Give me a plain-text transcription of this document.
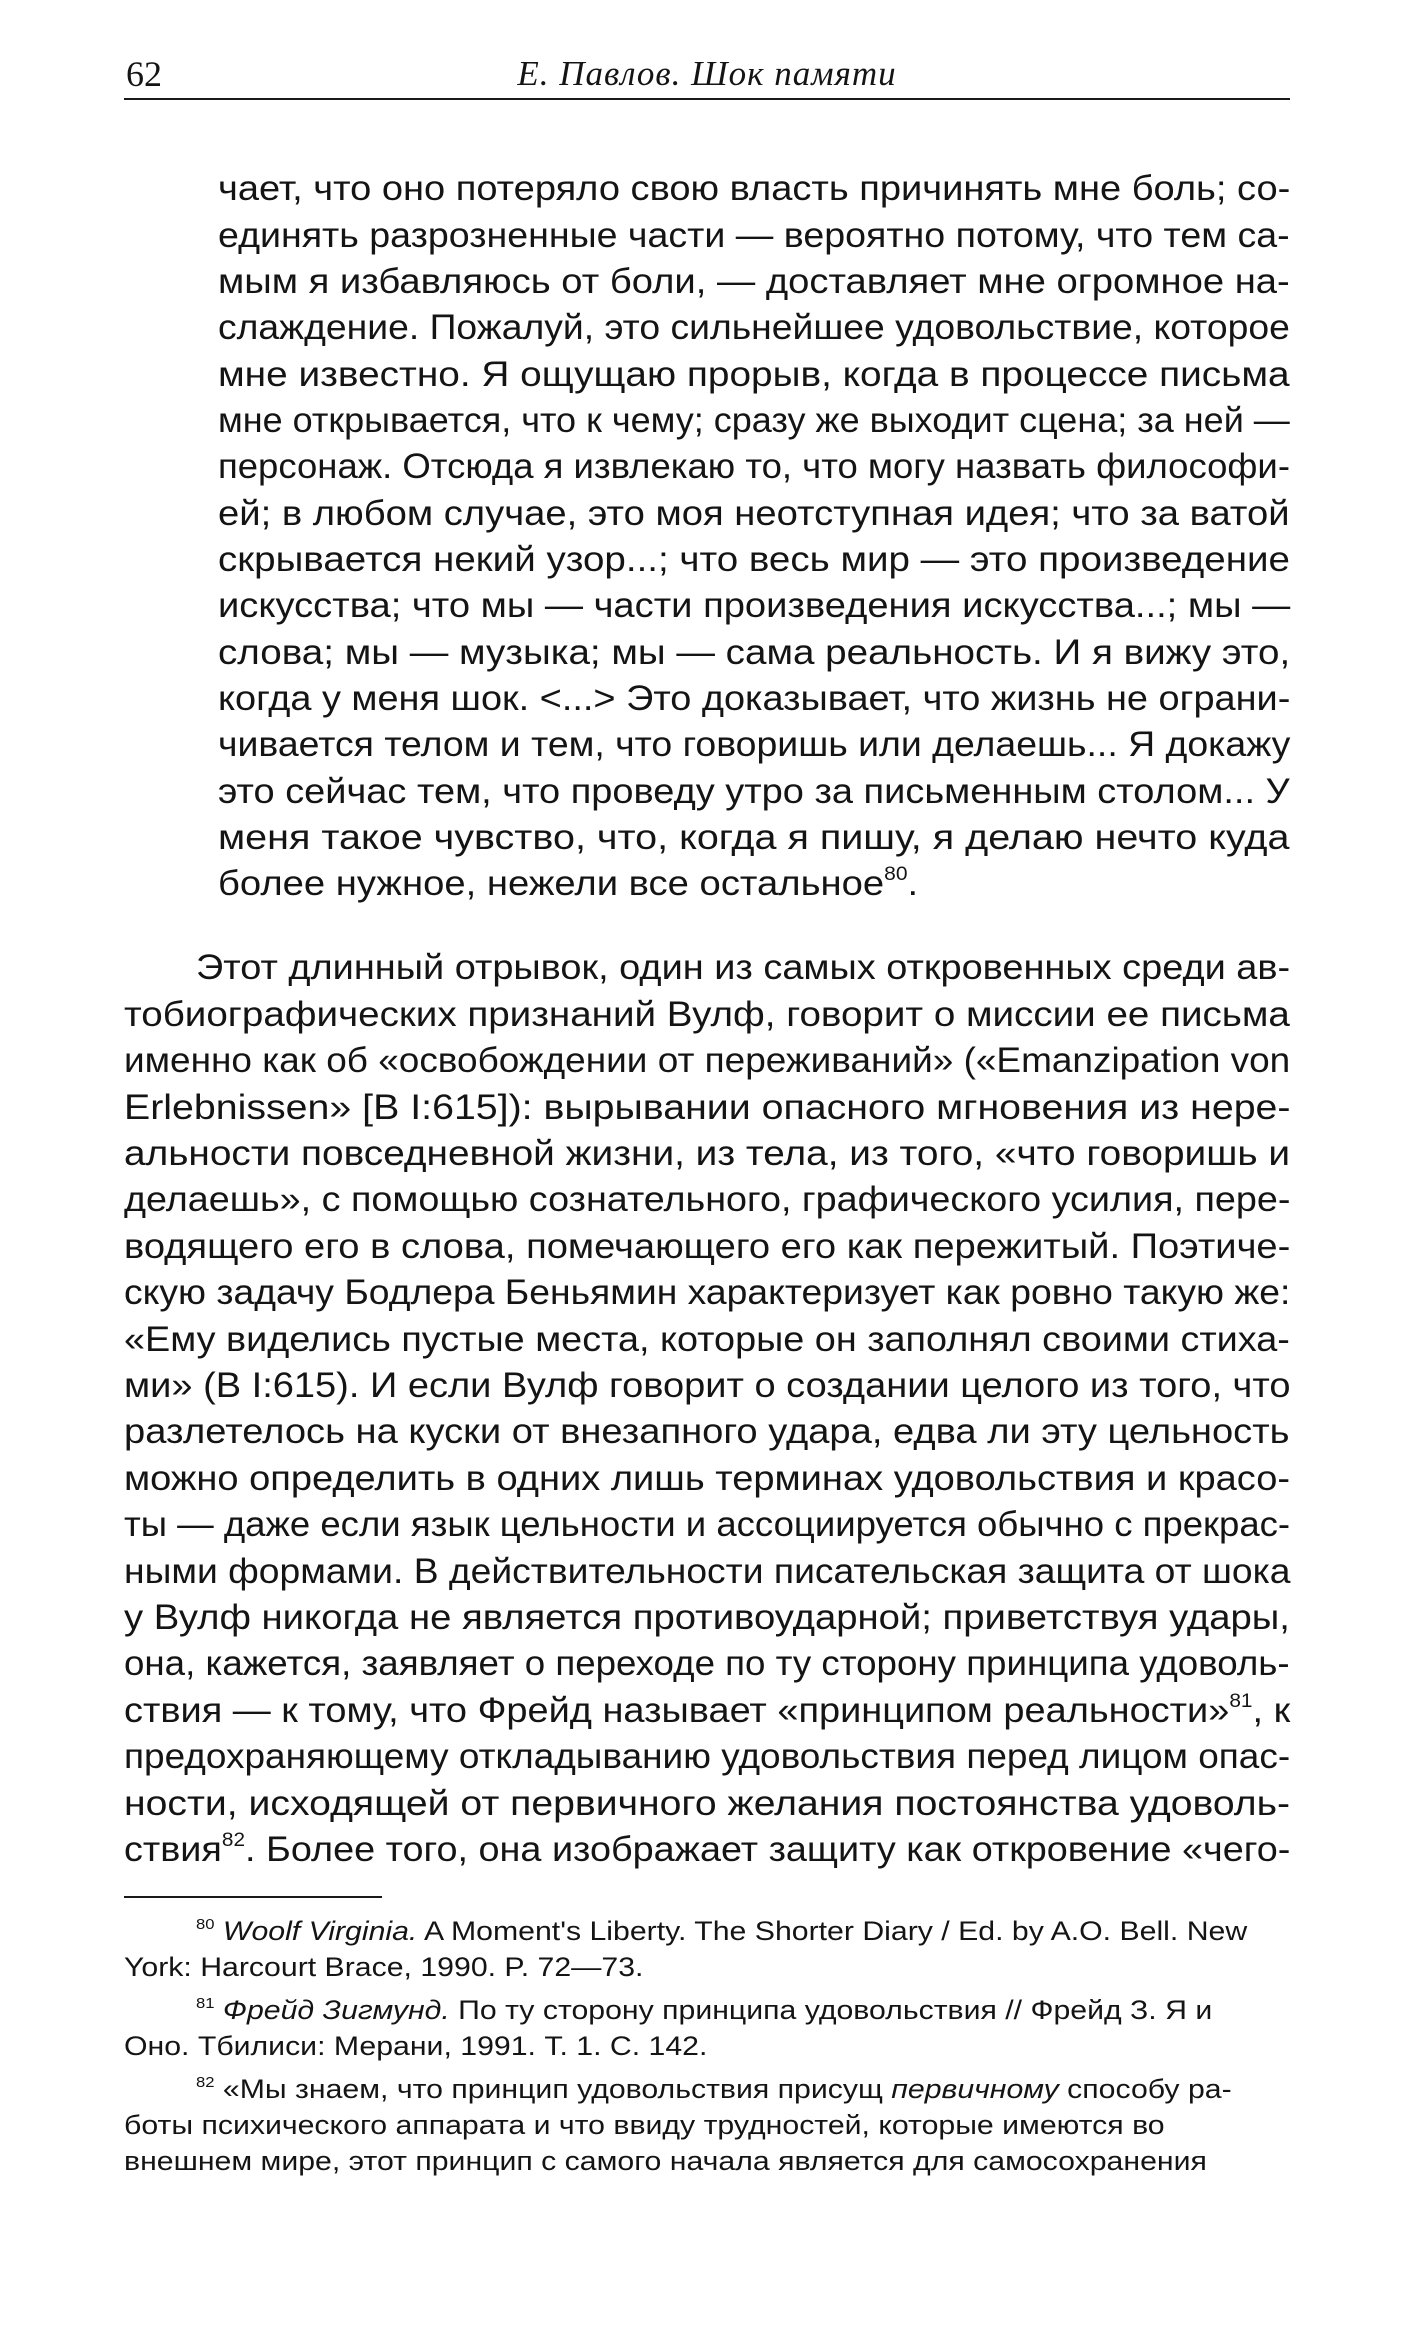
62	Е. Павлов. Шок памяти
чает, что оно потеряло свою власть причинять мне боль; со-
единять разрозненные части — вероятно потому, что тем са-
мым я избавляюсь от боли, — доставляет мне огромное на-
слаждение. Пожалуй, это сильнейшее удовольствие, которое
мне известно. Я ощущаю прорыв, когда в процессе письма
мне открывается, что к чему; сразу же выходит сцена; за ней —
персонаж. Отсюда я извлекаю то, что могу назвать философи-
ей; в любом случае, это моя неотступная идея; что за ватой
скрывается некий узор...; что весь мир — это произведение
искусства; что мы — части произведения искусства...; мы —
слова; мы — музыка; мы — сама реальность. И я вижу это,
когда у меня шок. <...> Это доказывает, что жизнь не ограни-
чивается телом и тем, что говоришь или делаешь... Я докажу
это сейчас тем, что проведу утро за письменным столом... У
меня такое чувство, что, когда я пишу, я делаю нечто куда
более нужное, нежели все остальное$^{80}$.
Этот длинный отрывок, один из самых откровенных среди ав-
тобиографических признаний Вулф, говорит о миссии ее письма
именно как об «освобождении от переживаний» («Emanzipation von
Erlebnissen» [В I:615]): вырывании опасного мгновения из нере-
альности повседневной жизни, из тела, из того, «что говоришь и
делаешь», с помощью сознательного, графического усилия, пере-
водящего его в слова, помечающего его как пережитый. Поэтиче-
скую задачу Бодлера Беньямин характеризует как ровно такую же:
«Ему виделись пустые места, которые он заполнял своими стиха-
ми» (В I:615). И если Вулф говорит о создании целого из того, что
разлетелось на куски от внезапного удара, едва ли эту цельность
можно определить в одних лишь терминах удовольствия и красо-
ты — даже если язык цельности и ассоциируется обычно с прекрас-
ными формами. В действительности писательская защита от шока
у Вулф никогда не является противоударной; приветствуя удары,
она, кажется, заявляет о переходе по ту сторону принципа удоволь-
ствия — к тому, что Фрейд называет «принципом реальности»$^{81}$, к
предохраняющему откладыванию удовольствия перед лицом опас-
ности, исходящей от первичного желания постоянства удоволь-
ствия$^{82}$. Более того, она изображает защиту как откровение «чего-
$^{80}$ Woolf Virginia. A Moment's Liberty. The Shorter Diary / Ed. by A.O. Bell. New
York: Harcourt Brace, 1990. P. 72—73.
$^{81}$ Фрейд Зигмунд. По ту сторону принципа удовольствия // Фрейд З. Я и
Оно. Тбилиси: Мерани, 1991. Т. 1. С. 142.
$^{82}$ «Мы знаем, что принцип удовольствия присущ первичному способу ра-
боты психического аппарата и что ввиду трудностей, которые имеются во
внешнем мире, этот принцип с самого начала является для самосохранения
